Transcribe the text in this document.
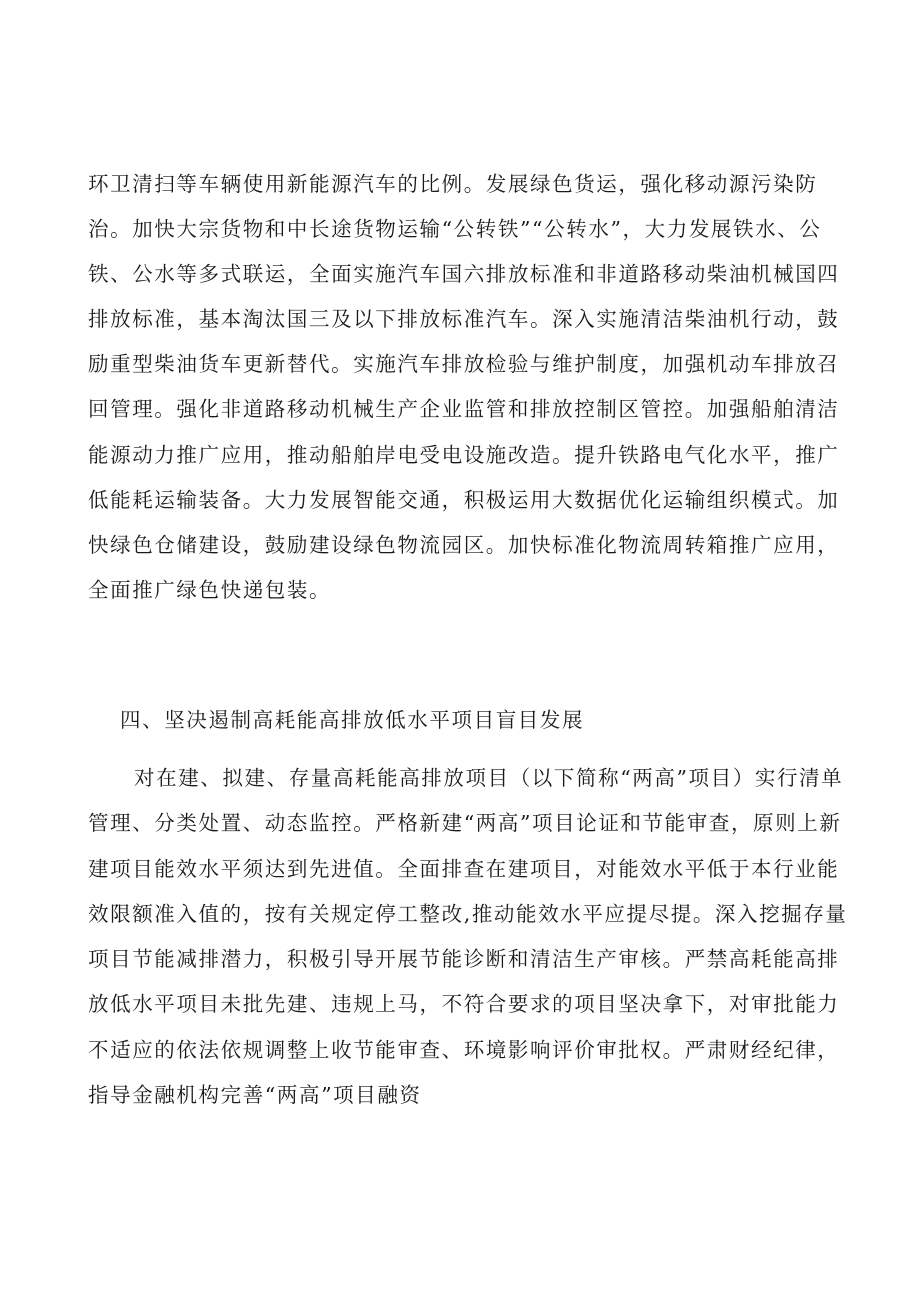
环卫清扫等车辆使用新能源汽车的比例。发展绿色货运，强化移动源污染防治。加快大宗货物和中长途货物运输“公转铁”“公转水”，大力发展铁水、公铁、公水等多式联运，全面实施汽车国六排放标准和非道路移动柴油机械国四排放标准，基本淘汰国三及以下排放标准汽车。深入实施清洁柴油机行动，鼓励重型柴油货车更新替代。实施汽车排放检验与维护制度，加强机动车排放召回管理。强化非道路移动机械生产企业监管和排放控制区管控。加强船舶清洁能源动力推广应用，推动船舶岸电受电设施改造。提升铁路电气化水平，推广低能耗运输装备。大力发展智能交通，积极运用大数据优化运输组织模式。加快绿色仓储建设，鼓励建设绿色物流园区。加快标准化物流周转箱推广应用，全面推广绿色快递包装。

四、坚决遏制高耗能高排放低水平项目盲目发展

对在建、拟建、存量高耗能高排放项目（以下简称“两高”项目）实行清单管理、分类处置、动态监控。严格新建“两高”项目论证和节能审查，原则上新建项目能效水平须达到先进值。全面排查在建项目，对能效水平低于本行业能效限额准入值的，按有关规定停工整改,推动能效水平应提尽提。深入挖掘存量项目节能减排潜力，积极引导开展节能诊断和清洁生产审核。严禁高耗能高排放低水平项目未批先建、违规上马，不符合要求的项目坚决拿下，对审批能力不适应的依法依规调整上收节能审查、环境影响评价审批权。严肃财经纪律，指导金融机构完善“两高”项目融资
